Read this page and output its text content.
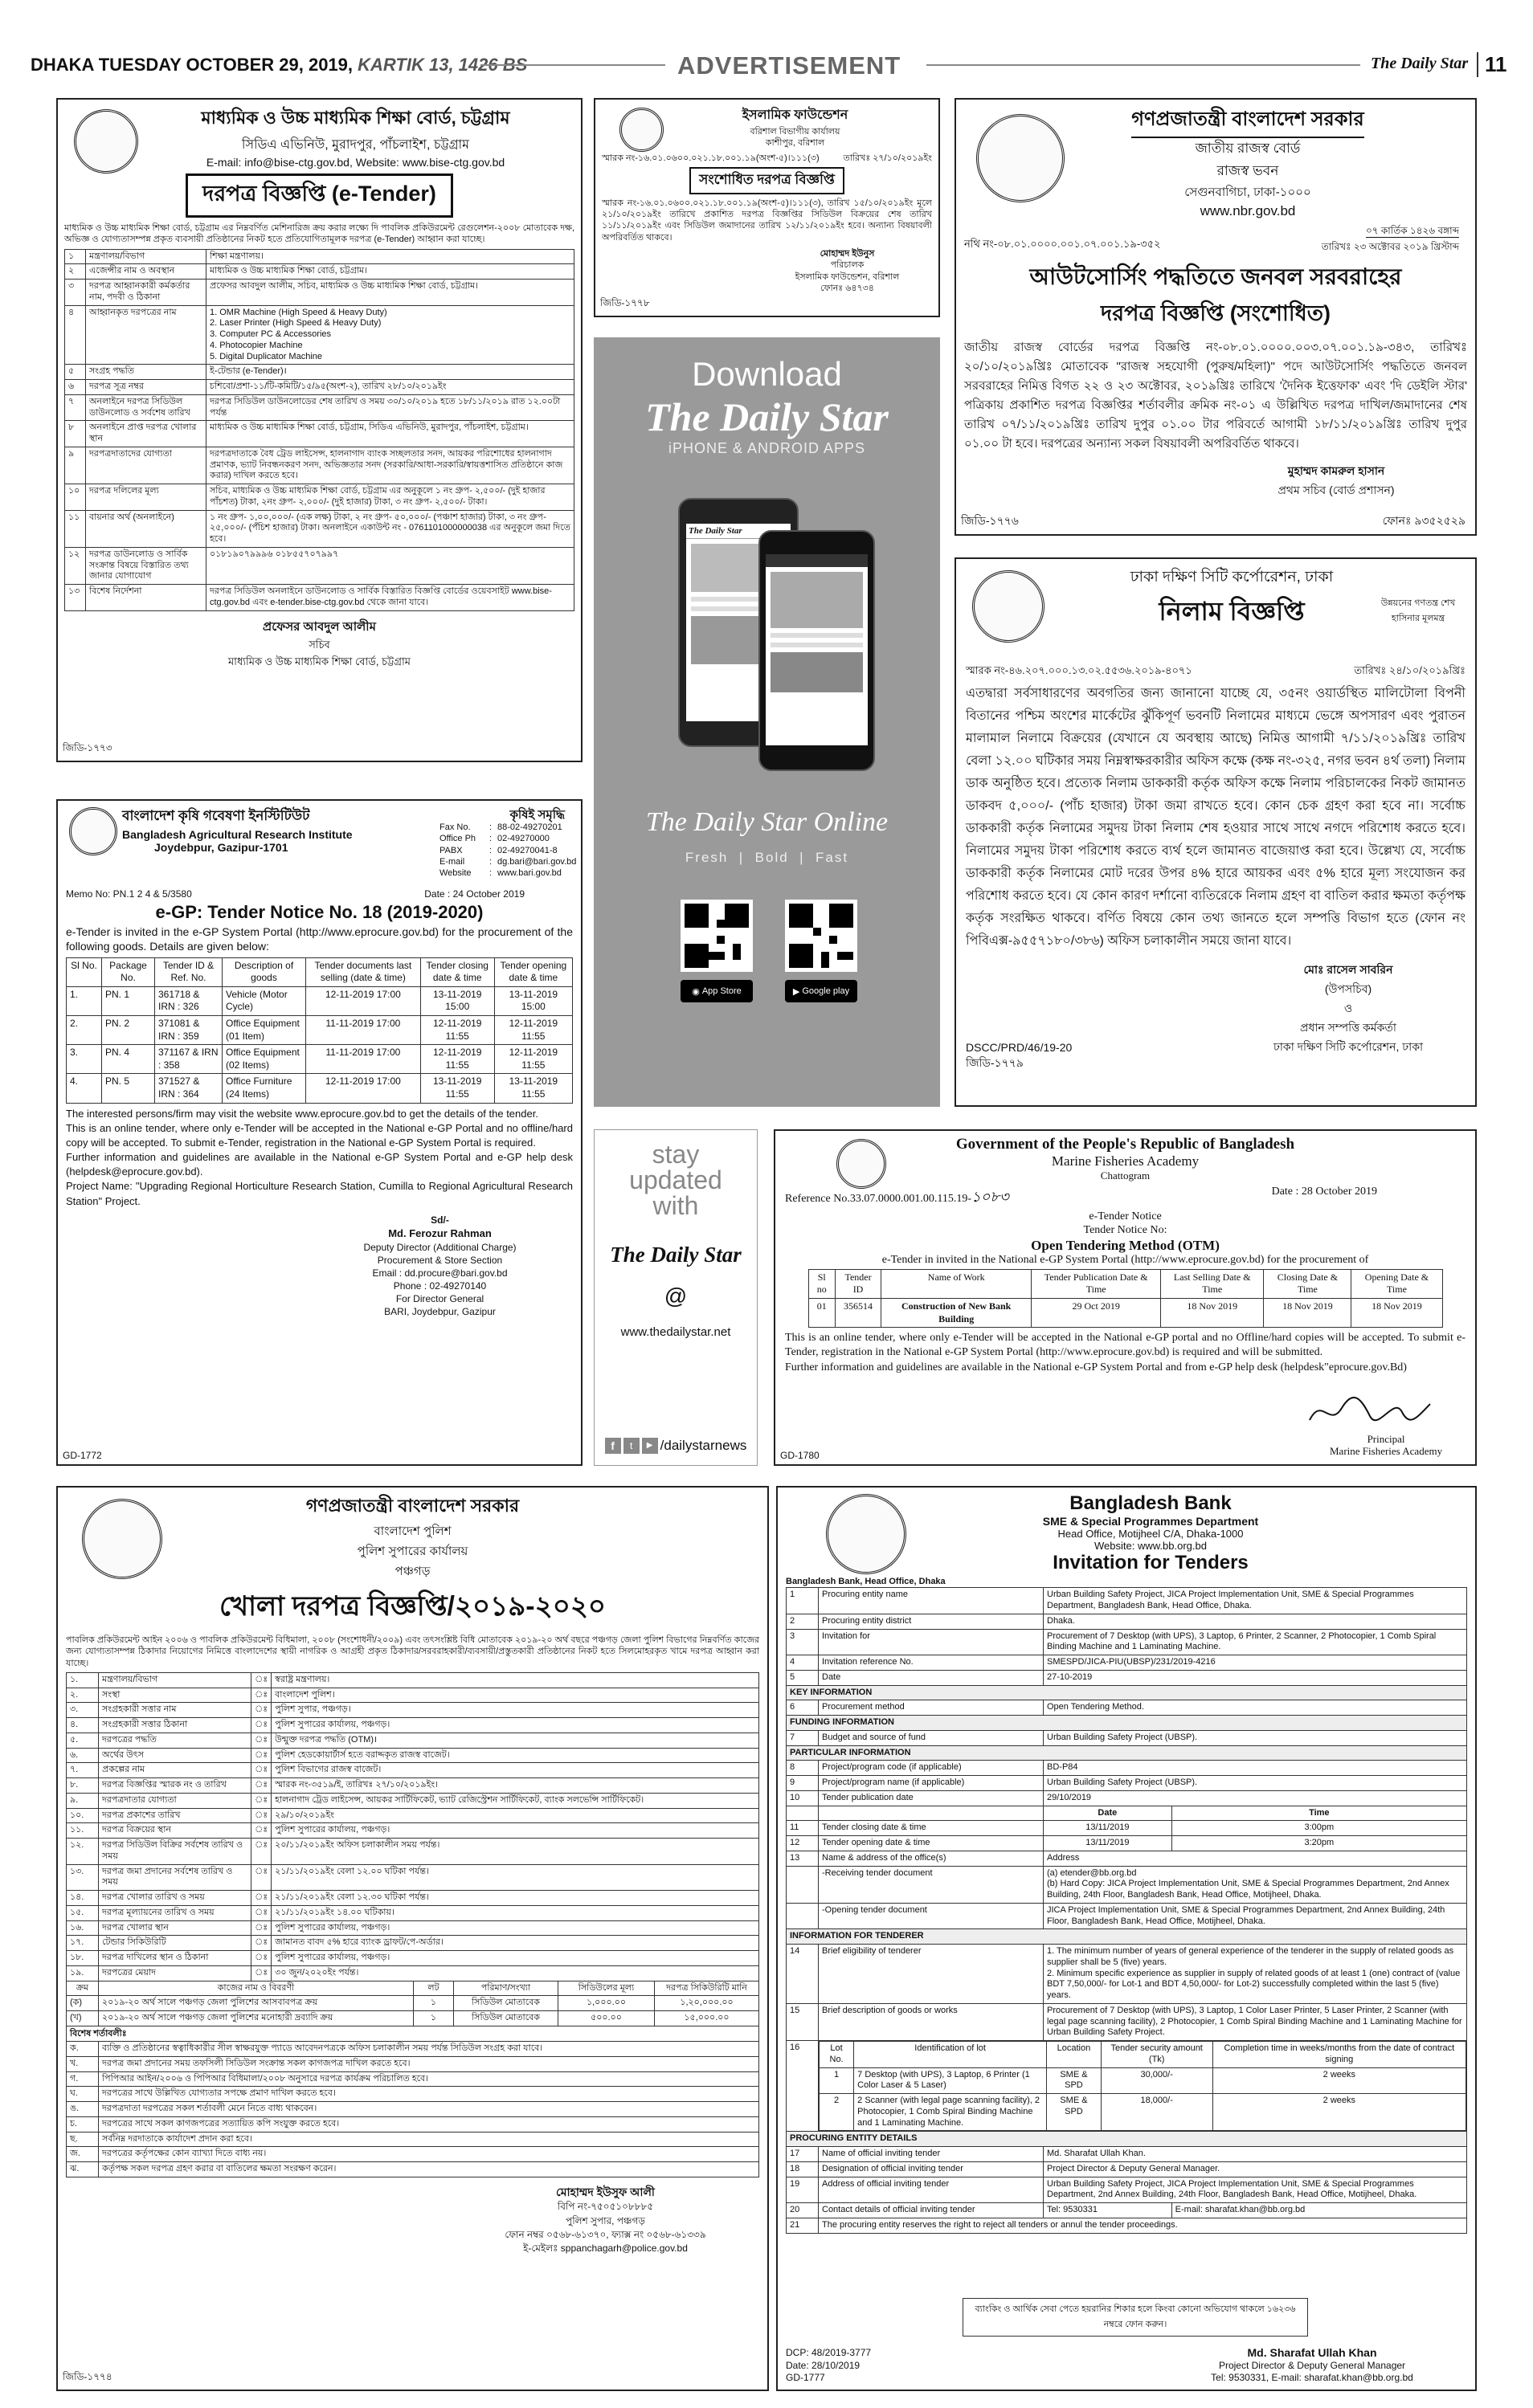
DHAKA TUESDAY OCTOBER 29, 2019, KARTIK 13, 1426 BS	ADVERTISEMENT	The Daily Star 11
মাধ্যমিক ও উচ্চ মাধ্যমিক শিক্ষা বোর্ড, চট্টগ্রাম
সিডিএ এভিনিউ, মুরাদপুর, পাঁচলাইশ, চট্টগ্রাম
E-mail: info@bise-ctg.gov.bd, Website: www.bise-ctg.gov.bd
দরপত্র বিজ্ঞপ্তি (e-Tender)
মাধ্যমিক ও উচ্চ মাধ্যমিক শিক্ষা বোর্ড, চট্টগ্রাম এর নিম্নবর্ণিত মেশিনারিজ ক্রয় করার লক্ষ্যে দি পাবলিক প্রকিউরমেন্ট রেগুলেশন-২০০৮ মোতাবেক দক্ষ, অভিজ্ঞ ও যোগ্যতাসম্পন্ন প্রকৃত ব্যবসায়ী প্রতিষ্ঠানের নিকট হতে প্রতিযোগিতামূলক দরপত্র (e-Tender) আহ্বান করা যাচ্ছে।
১	মন্ত্রণালয়/বিভাগ	শিক্ষা মন্ত্রণালয়।
২	এজেন্সীর নাম ও অবস্থান	মাধ্যমিক ও উচ্চ মাধ্যমিক শিক্ষা বোর্ড, চট্টগ্রাম।
৩	দরপত্র আহ্বানকারী কর্মকর্তার নাম, পদবী ও ঠিকানা	প্রফেসর আবদুল আলীম, সচিব, মাধ্যমিক ও উচ্চ মাধ্যমিক শিক্ষা বোর্ড, চট্টগ্রাম।
৪	আহ্বানকৃত দরপত্রের নাম	1. OMR Machine (High Speed & Heavy Duty)
2. Laser Printer (High Speed & Heavy Duty)
3. Computer PC & Accessories
4. Photocopier Machine
5. Digital Duplicator Machine
৫	সংগ্রহ পদ্ধতি	ই-টেন্ডার (e-Tender)।
৬	দরপত্র সূত্র নম্বর	চশিবো/প্রশা-১১/টি-কমিটি/১৫/৯৫(অংশ-২), তারিখ ২৮/১০/২০১৯ইং
৭	অনলাইনে দরপত্র সিডিউল ডাউনলোড ও সর্বশেষ তারিখ	দরপত্র সিডিউল ডাউনলোডের শেষ তারিখ ও সময় ৩০/১০/২০১৯ হতে ১৮/১১/২০১৯ রাত ১২.০০টা পর্যন্ত
৮	অনলাইনে প্রাপ্ত দরপত্র খোলার স্থান	মাধ্যমিক ও উচ্চ মাধ্যমিক শিক্ষা বোর্ড, চট্টগ্রাম, সিডিএ এভিনিউ, মুরাদপুর, পাঁচলাইশ, চট্টগ্রাম।
৯	দরপত্রদাতাদের যোগ্যতা	দরপত্রদাতাকে বৈধ ট্রেড লাইসেন্স, হালনাগাদ ব্যাংক সচ্ছলতার সনদ, আয়কর পরিশোধের হালনাগাদ প্রমাণক, ভ্যাট নিবন্ধনকরণ সনদ, অভিজ্ঞতার সনদ (সরকারি/আধা-সরকারি/স্বায়ত্তশাসিত প্রতিষ্ঠানে কাজ করার) দাখিল করতে হবে।
১০	দরপত্র দলিলের মূল্য	সচিব, মাধ্যমিক ও উচ্চ মাধ্যমিক শিক্ষা বোর্ড, চট্টগ্রাম এর অনুকূলে ১ নং গ্রুপ- ২,৫০০/- (দুই হাজার পাঁচশত) টাকা, ২নং গ্রুপ- ২,০০০/- (দুই হাজার) টাকা, ৩ নং গ্রুপ- ২,৫০০/- টাকা।
১১	বায়নার অর্থ (অনলাইনে)	১ নং গ্রুপ- ১,০০,০০০/- (এক লক্ষ) টাকা, ২ নং গ্রুপ- ৫০,০০০/- (পঞ্চাশ হাজার) টাকা, ৩ নং গ্রুপ- ২৫,০০০/- (পঁচিশ হাজার) টাকা। অনলাইনে একাউন্ট নং - 0761101000000038 এর অনুকূলে জমা দিতে হবে।
১২	দরপত্র ডাউনলোড ও সার্বিক সংক্রান্ত বিষয়ে বিস্তারিত তথ্য জানার যোগাযোগ	০১৮১৯০৭৯৯৯৬ ০১৮৫৫৭০৭৯৯৭
১৩	বিশেষ নির্দেশনা	দরপত্র সিডিউল অনলাইনে ডাউনলোড ও সার্বিক বিস্তারিত বিজ্ঞপ্তি বোর্ডের ওয়েবসাইট www.bise-ctg.gov.bd এবং e-tender.bise-ctg.gov.bd থেকে জানা যাবে।
প্রফেসর আবদুল আলীম
সচিব
মাধ্যমিক ও উচ্চ মাধ্যমিক শিক্ষা বোর্ড, চট্টগ্রাম
জিডি-১৭৭৩
ইসলামিক ফাউন্ডেশন
বরিশাল বিভাগীয় কার্যালয়
কাশীপুর, বরিশাল
স্মারক নং-১৬.০১.০৬০০.০২১.১৮.০০১.১৯(অংশ-৫)।১১১(৩)	তারিখঃ ২৭/১০/২০১৯ইং
সংশোধিত দরপত্র বিজ্ঞপ্তি
স্মারক নং-১৬.০১.০৬০০.০২১.১৮.০০১.১৯(অংশ-৫)।১১১(৩), তারিখ ১৫/১০/২০১৯ইং মূলে ২১/১০/২০১৯ইং তারিখে প্রকাশিত দরপত্র বিজ্ঞপ্তির সিডিউল বিক্রয়ের শেষ তারিখ ১১/১১/২০১৯ইং এবং সিডিউল জমাদানের তারিখ ১২/১১/২০১৯ইং হবে। অন্যান্য বিষয়াবলী অপরিবর্তিত থাকবে।
মোহাম্মদ ইউনুস
পরিচালক
ইসলামিক ফাউন্ডেশন, বরিশাল
ফোনঃ ৬৪৭৩৪
জিডি-১৭৭৮
গণপ্রজাতন্ত্রী বাংলাদেশ সরকার
জাতীয় রাজস্ব বোর্ড
রাজস্ব ভবন
সেগুনবাগিচা, ঢাকা-১০০০
www.nbr.gov.bd
নথি নং-০৮.০১.০০০০.০০১.০৭.০০১.১৯-৩৫২
০৭ কার্তিক ১৪২৬ বঙ্গাব্দ
তারিখঃ ২৩ অক্টোবর ২০১৯ খ্রিস্টাব্দ
আউটসোর্সিং পদ্ধতিতে জনবল সরবরাহের
দরপত্র বিজ্ঞপ্তি (সংশোধিত)
জাতীয় রাজস্ব বোর্ডের দরপত্র বিজ্ঞপ্তি নং-০৮.০১.০০০০.০০৩.০৭.০০১.১৯-৩৪৩, তারিখঃ ২০/১০/২০১৯খ্রিঃ মোতাবেক "রাজস্ব সহযোগী (পুরুষ/মহিলা)" পদে আউটসোর্সিং পদ্ধতিতে জনবল সরবরাহের নিমিত্ত বিগত ২২ ও ২৩ অক্টোবর, ২০১৯খ্রিঃ তারিখে 'দৈনিক ইত্তেফাক' এবং 'দি ডেইলি স্টার' পত্রিকায় প্রকাশিত দরপত্র বিজ্ঞপ্তির শর্তাবলীর ক্রমিক নং-০১ এ উল্লিখিত দরপত্র দাখিল/জমাদানের শেষ তারিখ ০৭/১১/২০১৯খ্রিঃ তারিখ দুপুর ০১.০০ টার পরিবর্তে আগামী ১৮/১১/২০১৯খ্রিঃ তারিখ দুপুর ০১.০০ টা হবে। দরপত্রের অন্যান্য সকল বিষয়াবলী অপরিবর্তিত থাকবে।
মুহাম্মদ কামরুল হাসান
প্রথম সচিব (বোর্ড প্রশাসন)
জিডি-১৭৭৬	ফোনঃ ৯৩৫২৫২৯
Download
The Daily Star
iPHONE & ANDROID APPS
The Daily Star
The Daily Star Online
Fresh  |  Bold  |  Fast
◉ App Store	▶ Google play
ঢাকা দক্ষিণ সিটি কর্পোরেশন, ঢাকা
নিলাম বিজ্ঞপ্তি	উন্নয়নের গণতন্ত্র শেখ হাসিনার মূলমন্ত্র
স্মারক নং-৪৬.২০৭.০০০.১৩.০২.৫৫৩৬.২০১৯-৪০৭১	তারিখঃ ২৪/১০/২০১৯খ্রিঃ
এতদ্বারা সর্বসাধারণের অবগতির জন্য জানানো যাচ্ছে যে, ৩৫নং ওয়ার্ডস্থিত মালিটোলা বিপনী বিতানের পশ্চিম অংশের মার্কেটের ঝুঁকিপূর্ণ ভবনটি নিলামের মাধ্যমে ভেঙ্গে অপসারণ এবং পুরাতন মালামাল নিলামে বিক্রয়ের (যেখানে যে অবস্থায় আছে) নিমিত্ত আগামী ৭/১১/২০১৯খ্রিঃ তারিখ বেলা ১২.০০ ঘটিকার সময় নিম্নস্বাক্ষরকারীর অফিস কক্ষে (কক্ষ নং-৩২৫, নগর ভবন ৪র্থ তলা) নিলাম ডাক অনুষ্ঠিত হবে। প্রত্যেক নিলাম ডাককারী কর্তৃক অফিস কক্ষে নিলাম পরিচালকের নিকট জামানত ডাকবদ ৫,০০০/- (পাঁচ হাজার) টাকা জমা রাখতে হবে। কোন চেক গ্রহণ করা হবে না। সর্বোচ্চ ডাককারী কর্তৃক নিলামের সমুদয় টাকা নিলাম শেষ হওয়ার সাথে সাথে নগদে পরিশোধ করতে হবে। নিলামের সমুদয় টাকা পরিশোধ করতে ব্যর্থ হলে জামানত বাজেয়াপ্ত করা হবে। উল্লেখ্য যে, সর্বোচ্চ ডাককারী কর্তৃক নিলামের মোট দরের উপর ৪% হারে আয়কর এবং ৫% হারে মূল্য সংযোজন কর পরিশোধ করতে হবে। যে কোন কারণ দর্শানো ব্যতিরেকে নিলাম গ্রহণ বা বাতিল করার ক্ষমতা কর্তৃপক্ষ কর্তৃক সংরক্ষিত থাকবে। বর্ণিত বিষয়ে কোন তথ্য জানতে হলে সম্পত্তি বিভাগ হতে (ফোন নং পিবিএক্স-৯৫৫৭১৮০/৩৮৬) অফিস চলাকালীন সময়ে জানা যাবে।
মোঃ রাসেল সাবরিন
(উপসচিব)
ও
প্রধান সম্পত্তি কর্মকর্তা
ঢাকা দক্ষিণ সিটি কর্পোরেশন, ঢাকা
DSCC/PRD/46/19-20
জিডি-১৭৭৯
বাংলাদেশ কৃষি গবেষণা ইনস্টিটিউট	কৃষিই সমৃদ্ধি
Bangladesh Agricultural Research Institute
Joydebpur, Gazipur-1701
Fax No.	: 88-02-49270201
Office Ph	: 02-49270000
PABX	: 02-49270041-8
E-mail	: dg.bari@bari.gov.bd
Website	: www.bari.gov.bd
Memo No: PN.1 2 4 & 5/3580	Date : 24 October 2019
e-GP: Tender Notice No. 18 (2019-2020)
e-Tender is invited in the e-GP System Portal (http://www.eprocure.gov.bd) for the procurement of the following goods. Details are given below:
Sl No.	Package No.	Tender ID & Ref. No.	Description of goods	Tender documents last selling (date & time)	Tender closing date & time	Tender opening date & time
1.	PN. 1	361718 & IRN : 326	Vehicle (Motor Cycle)	12-11-2019 17:00	13-11-2019 15:00	13-11-2019 15:00
2.	PN. 2	371081 & IRN : 359	Office Equipment (01 Item)	11-11-2019 17:00	12-11-2019 11:55	12-11-2019 11:55
3.	PN. 4	371167 & IRN : 358	Office Equipment (02 Items)	11-11-2019 17:00	12-11-2019 11:55	12-11-2019 11:55
4.	PN. 5	371527 & IRN : 364	Office Furniture (24 Items)	12-11-2019 17:00	13-11-2019 11:55	13-11-2019 11:55
The interested persons/firm may visit the website www.eprocure.gov.bd to get the details of the tender.
This is an online tender, where only e-Tender will be accepted in the National e-GP Portal and no offline/hard copy will be accepted. To submit e-Tender, registration in the National e-GP System Portal is required.
Further information and guidelines are available in the National e-GP System Portal and e-GP help desk (helpdesk@eprocure.gov.bd).
Project Name: "Upgrading Regional Horticulture Research Station, Cumilla to Regional Agricultural Research Station" Project.
Sd/-
Md. Ferozur Rahman
Deputy Director (Additional Charge)
Procurement & Store Section
Email : dd.procure@bari.gov.bd
Phone : 02-49270140
For Director General
BARI, Joydebpur, Gazipur
GD-1772
stay
updated
with
The Daily Star
@
www.thedailystar.net
f	t	▶ /dailystarnews
Government of the People's Republic of Bangladesh
Marine Fisheries Academy
Chattogram
Reference No.33.07.0000.001.00.115.19-১০৮৩	Date : 28 October 2019
e-Tender Notice
Tender Notice No:
Open Tendering Method (OTM)
e-Tender in invited in the National e-GP System Portal (http://www.eprocure.gov.bd) for the procurement of
Sl no	Tender ID	Name of Work	Tender Publication Date & Time	Last Selling Date & Time	Closing Date & Time	Opening Date & Time
01	356514	Construction of New Bank Building	29 Oct 2019	18 Nov 2019	18 Nov 2019	18 Nov 2019
This is an online tender, where only e-Tender will be accepted in the National e-GP portal and no Offline/hard copies will be accepted. To submit e-Tender, registration in the National e-GP System Portal (http://www.eprocure.gov.bd) is required and will be submitted.
Further information and guidelines are available in the National e-GP System Portal and from e-GP help desk (helpdesk"eprocure.gov.Bd)
Principal
Marine Fisheries Academy
GD-1780
গণপ্রজাতন্ত্রী বাংলাদেশ সরকার
বাংলাদেশ পুলিশ
পুলিশ সুপারের কার্যালয়
পঞ্চগড়
খোলা দরপত্র বিজ্ঞপ্তি/২০১৯-২০২০
পাবলিক প্রকিউরমেন্ট আইন ২০০৬ ও পাবলিক প্রকিউরমেন্ট বিধিমালা, ২০০৮ (সংশোধনী/২০০৯) এবং তৎসংশ্লিষ্ট বিধি মোতাবেক ২০১৯-২০ অর্থ বছরে পঞ্চগড় জেলা পুলিশ বিভাগের নিম্নবর্ণিত কাজের জন্য যোগ্যতাসম্পন্ন ঠিকাদার নিয়োগের নিমিত্তে বাংলাদেশের স্থায়ী নাগরিক ও আগ্রহী প্রকৃত ঠিকাদার/সরবরাহকারী/ব্যবসায়ী/প্রস্তুতকারী প্রতিষ্ঠানের নিকট হতে সিলমোহরকৃত খামে দরপত্র আহ্বান করা যাচ্ছে।
১.	মন্ত্রণালয়/বিভাগ	ঃ	স্বরাষ্ট্র মন্ত্রণালয়।
২.	সংস্থা	ঃ	বাংলাদেশ পুলিশ।
৩.	সংগ্রহকারী সত্তার নাম	ঃ	পুলিশ সুপার, পঞ্চগড়।
৪.	সংগ্রহকারী সত্তার ঠিকানা	ঃ	পুলিশ সুপারের কার্যালয়, পঞ্চগড়।
৫.	দরপত্রের পদ্ধতি	ঃ	উন্মুক্ত দরপত্র পদ্ধতি (OTM)।
৬.	অর্থের উৎস	ঃ	পুলিশ হেডকোয়ার্টার্স হতে বরাদ্দকৃত রাজস্ব বাজেট।
৭.	প্রকল্পের নাম	ঃ	পুলিশ বিভাগের রাজস্ব বাজেট।
৮.	দরপত্র বিজ্ঞপ্তির স্মারক নং ও তারিখ	ঃ	স্মারক নং-৩৫১৯/ই, তারিখঃ ২৭/১০/২০১৯ইং।
৯.	দরপত্রদাতার যোগ্যতা	ঃ	হালনাগাদ ট্রেড লাইসেন্স, আয়কর সার্টিফিকেট, ভ্যাট রেজিস্ট্রেশন সার্টিফিকেট, ব্যাংক সলভেন্সি সার্টিফিকেট।
১০.	দরপত্র প্রকাশের তারিখ	ঃ	২৯/১০/২০১৯ইং
১১.	দরপত্র বিক্রয়ের স্থান	ঃ	পুলিশ সুপারের কার্যালয়, পঞ্চগড়।
১২.	দরপত্র সিডিউল বিক্রির সর্বশেষ তারিখ ও সময়	ঃ	২০/১১/২০১৯ইং অফিস চলাকালীন সময় পর্যন্ত।
১৩.	দরপত্র জমা প্রদানের সর্বশেষ তারিখ ও সময়	ঃ	২১/১১/২০১৯ইং বেলা ১২.০০ ঘটিকা পর্যন্ত।
১৪.	দরপত্র খোলার তারিখ ও সময়	ঃ	২১/১১/২০১৯ইং বেলা ১২.৩০ ঘটিকা পর্যন্ত।
১৫.	দরপত্র মূল্যায়নের তারিখ ও সময়	ঃ	২১/১১/২০১৯ইং ১৪.০০ ঘটিকায়।
১৬.	দরপত্র খোলার স্থান	ঃ	পুলিশ সুপারের কার্যালয়, পঞ্চগড়।
১৭.	টেন্ডার সিকিউরিটি	ঃ	জামানত বাবদ ৫% হারে ব্যাংক ড্রাফট/পে-অর্ডার।
১৮.	দরপত্র দাখিলের স্থান ও ঠিকানা	ঃ	পুলিশ সুপারের কার্যালয়, পঞ্চগড়।
১৯.	দরপত্রের মেয়াদ	ঃ	৩০ জুন/২০২০ইং পর্যন্ত।
ক্রম	কাজের নাম ও বিবরণী	লট	পরিমাণ/সংখ্যা	সিডিউলের মূল্য	দরপত্র সিকিউরিটি মানি
(ক)	২০১৯-২০ অর্থ সালে পঞ্চগড় জেলা পুলিশের আসবাবপত্র ক্রয়	১	সিডিউল মোতাবেক	১,০০০.০০	১,২০,০০০.০০
(খ)	২০১৯-২০ অর্থ সালে পঞ্চগড় জেলা পুলিশের মনোহারী দ্রব্যাদি ক্রয়	১	সিডিউল মোতাবেক	৫০০.০০	১৫,০০০.০০
বিশেষ শর্তাবলীঃ
ক.	ব্যক্তি ও প্রতিষ্ঠানের স্বত্বাধিকারীর সীল স্বাক্ষরযুক্ত প্যাডে আবেদনপত্রকে অফিস চলাকালীন সময় পর্যন্ত সিডিউল সংগ্রহ করা যাবে।
খ.	দরপত্র জমা প্রদানের সময় তফসিলী সিডিউল সংক্রান্ত সকল কাগজপত্র দাখিল করতে হবে।
গ.	পিপিআর আইন/২০০৬ ও পিপিআর বিধিমালা/২০০৮ অনুসারে দরপত্র কার্যক্রম পরিচালিত হবে।
ঘ.	দরপত্রের সাথে উল্লিখিত যোগ্যতার সপক্ষে প্রমাণ দাখিল করতে হবে।
ঙ.	দরপত্রদাতা দরপত্রের সকল শর্তাবলী মেনে নিতে বাধ্য থাকবেন।
চ.	দরপত্রের সাথে সকল কাগজপত্রের সত্যায়িত কপি সংযুক্ত করতে হবে।
ছ.	সর্বনিম্ন দরদাতাকে কার্যাদেশ প্রদান করা হবে।
জ.	দরপত্রের কর্তৃপক্ষের কোন ব্যাখ্যা দিতে বাধ্য নয়।
ঝ.	কর্তৃপক্ষ সকল দরপত্র গ্রহণ করার বা বাতিলের ক্ষমতা সংরক্ষণ করেন।
মোহাম্মদ ইউসুফ আলী
বিপি নং-৭৫০৫১০৮৮৮৫
পুলিশ সুপার, পঞ্চগড়
ফোন নম্বর ০৫৬৮-৬১৩৭০, ফ্যাক্স নং ০৫৬৮-৬১৩৩৯
ই-মেইলঃ sppanchagarh@police.gov.bd
জিডি-১৭৭৪
Bangladesh Bank
SME & Special Programmes Department
Head Office, Motijheel C/A, Dhaka-1000
Website: www.bb.org.bd
Invitation for Tenders
Bangladesh Bank, Head Office, Dhaka
1	Procuring entity name	Urban Building Safety Project, JICA Project Implementation Unit, SME & Special Programmes Department, Bangladesh Bank, Head Office, Dhaka.
2	Procuring entity district	Dhaka.
3	Invitation for	Procurement of 7 Desktop (with UPS), 3 Laptop, 6 Printer, 2 Scanner, 2 Photocopier, 1 Comb Spiral Binding Machine and 1 Laminating Machine.
4	Invitation reference No.	SMESPD/JICA-PIU(UBSP)/231/2019-4216
5	Date	27-10-2019
KEY INFORMATION
6	Procurement method	Open Tendering Method.
FUNDING INFORMATION
7	Budget and source of fund	Urban Building Safety Project (UBSP).
PARTICULAR INFORMATION
8	Project/program code (if applicable)	BD-P84
9	Project/program name (if applicable)	Urban Building Safety Project (UBSP).
10	Tender publication date	29/10/2019
		Date	Time
11	Tender closing date & time	13/11/2019	3:00pm
12	Tender opening date & time	13/11/2019	3:20pm
13	Name & address of the office(s)	Address
	-Receiving tender document	(a) etender@bb.org.bd
(b) Hard Copy: JICA Project Implementation Unit, SME & Special Programmes Department, 2nd Annex Building, 24th Floor, Bangladesh Bank, Head Office, Motijheel, Dhaka.
	-Opening tender document	JICA Project Implementation Unit, SME & Special Programmes Department, 2nd Annex Building, 24th Floor, Bangladesh Bank, Head Office, Motijheel, Dhaka.
INFORMATION FOR TENDERER
14	Brief eligibility of tenderer	1. The minimum number of years of general experience of the tenderer in the supply of related goods as supplier shall be 5 (five) years.
2. Minimum specific experience as supplier in supply of related goods of at least 1 (one) contract of (value BDT 7,50,000/- for Lot-1 and BDT 4,50,000/- for Lot-2) successfully completed within the last 5 (five) years.
15	Brief description of goods or works	Procurement of 7 Desktop (with UPS), 3 Laptop, 1 Color Laser Printer, 5 Laser Printer, 2 Scanner (with legal page scanning facility), 2 Photocopier, 1 Comb Spiral Binding Machine and 1 Laminating Machine for Urban Building Safety Project.
16		Lot No.	Identification of lot	Location	Tender security amount (Tk)	Completion time in weeks/months from the date of contract signing
1	7 Desktop (with UPS), 3 Laptop, 6 Printer (1 Color Laser & 5 Laser)	SME & SPD	30,000/-	2 weeks
2	2 Scanner (with legal page scanning facility), 2 Photocopier, 1 Comb Spiral Binding Machine and 1 Laminating Machine.	SME & SPD	18,000/-	2 weeks

PROCURING ENTITY DETAILS
17	Name of official inviting tender	Md. Sharafat Ullah Khan.
18	Designation of official inviting tender	Project Director & Deputy General Manager.
19	Address of official inviting tender	Urban Building Safety Project, JICA Project Implementation Unit, SME & Special Programmes Department, 2nd Annex Building, 24th Floor, Bangladesh Bank, Head Office, Motijheel, Dhaka.
20	Contact details of official inviting tender	Tel: 9530331	E-mail: sharafat.khan@bb.org.bd
21	The procuring entity reserves the right to reject all tenders or annul the tender proceedings.
ব্যাংকিং ও আর্থিক সেবা পেতে হয়রানির শিকার হলে কিংবা কোনো অভিযোগ থাকলে ১৬২৩৬ নম্বরে ফোন করুন।
DCP: 48/2019-3777
Date: 28/10/2019
GD-1777
Md. Sharafat Ullah Khan
Project Director & Deputy General Manager
Tel: 9530331, E-mail: sharafat.khan@bb.org.bd
